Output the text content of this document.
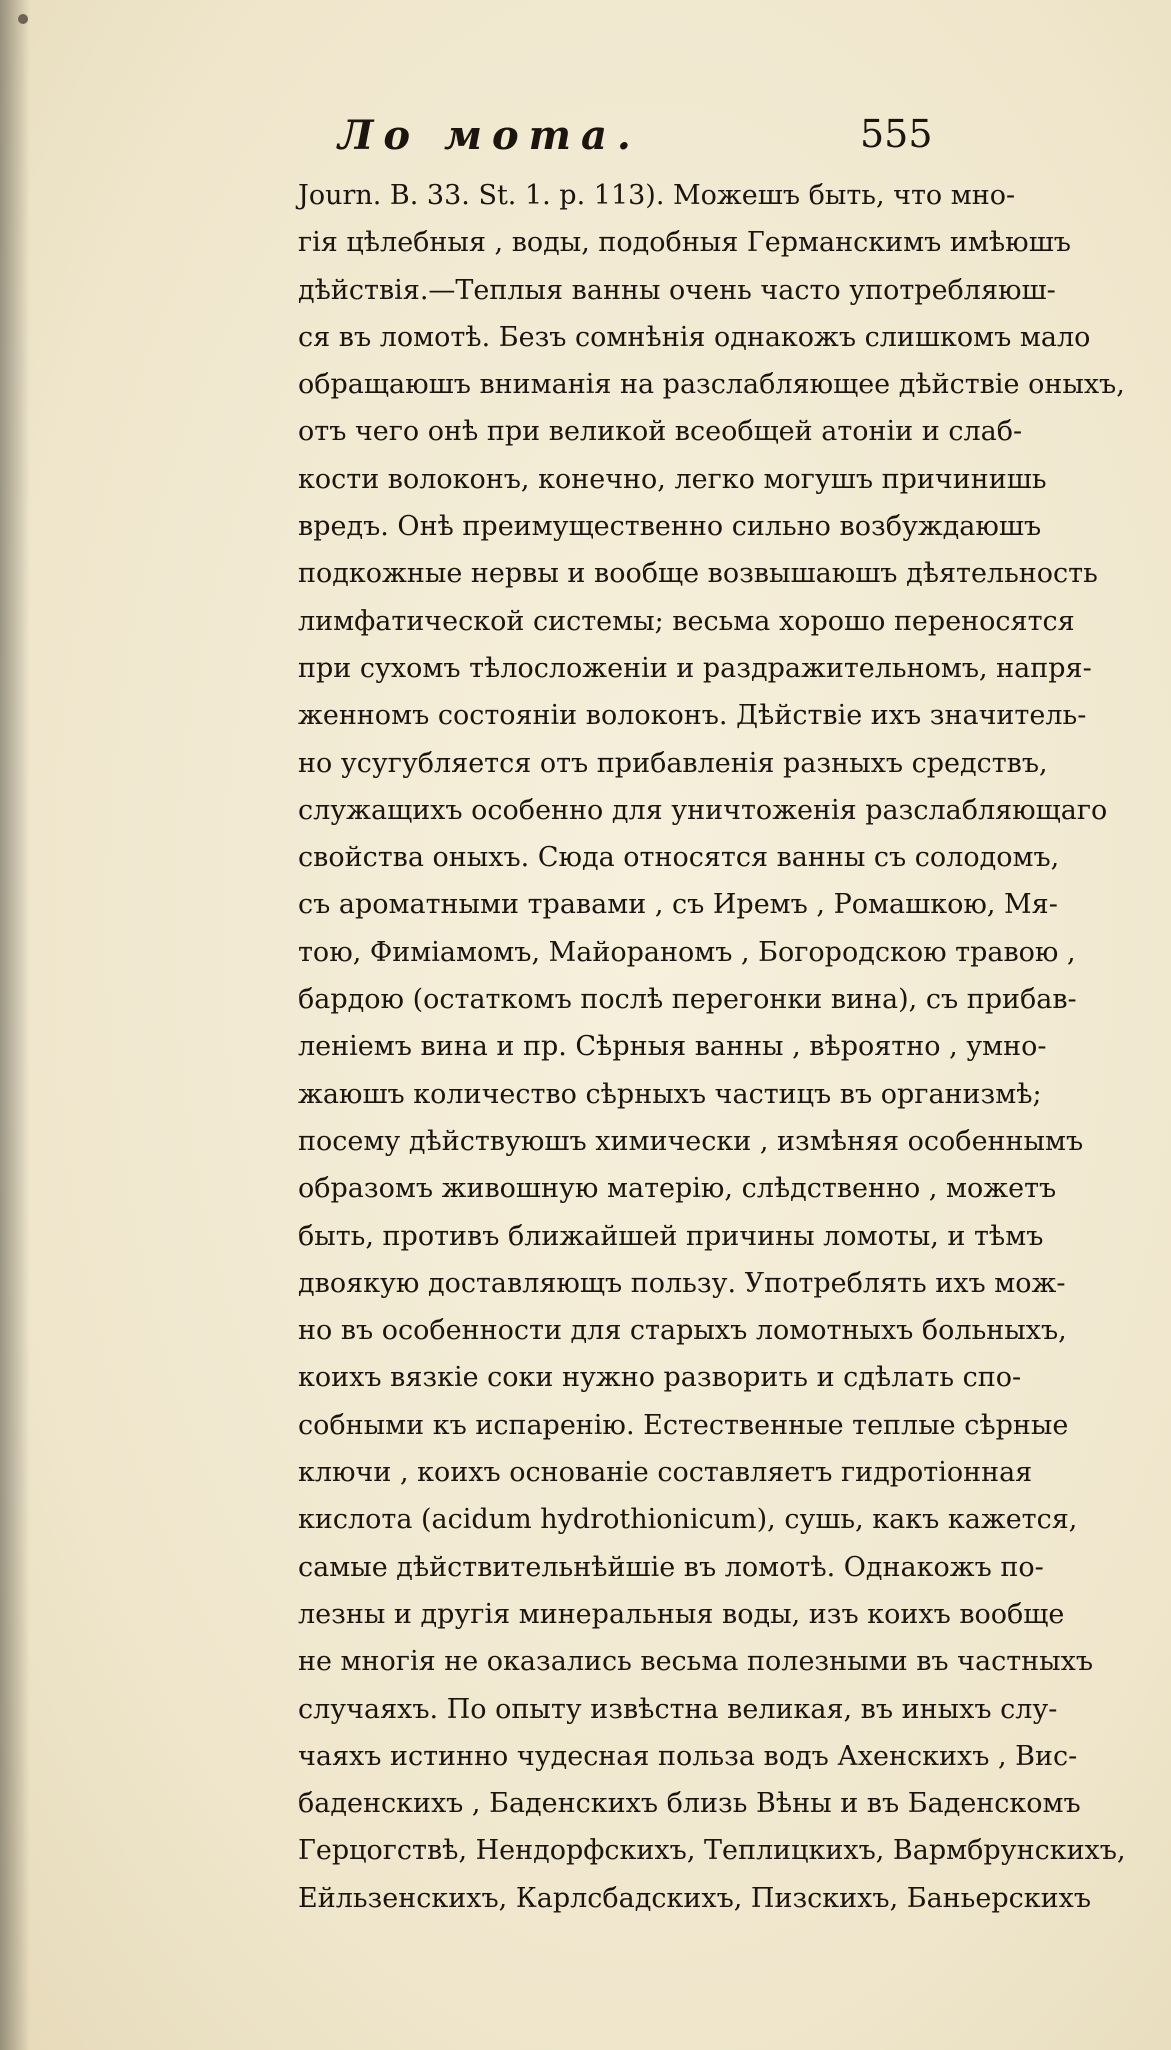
Ло мота.	555
Journ. B. 33. St. 1. p. 113). Можешъ быть, что мно-
гія цѣлебныя , воды, подобныя Германскимъ имѣюшъ
дѣйствія.—Теплыя ванны очень часто употребляюш-
ся въ ломотѣ. Безъ сомнѣнія однакожъ слишкомъ мало
обращаюшъ вниманія на разслабляющее дѣйствіе оныхъ,
отъ чего онѣ при великой всеобщей атоніи и слаб-
кости волоконъ, конечно, легко могушъ причинишь
вредъ. Онѣ преимущественно сильно возбуждаюшъ
подкожные нервы и вообще возвышаюшъ дѣятельность
лимфатической системы; весьма хорошо переносятся
при сухомъ тѣлосложеніи и раздражительномъ, напря-
женномъ состояніи волоконъ. Дѣйствіе ихъ значитель-
но усугубляется отъ прибавленія разныхъ средствъ,
служащихъ особенно для уничтоженія разслабляющаго
свойства оныхъ. Сюда относятся ванны съ солодомъ,
съ ароматными травами , съ Иремъ , Ромашкою, Мя-
тою, Фиміамомъ, Майораномъ , Богородскою травою ,
бардою (остаткомъ послѣ перегонки вина), съ прибав-
леніемъ вина и пр. Сѣрныя ванны , вѣроятно , умно-
жаюшъ количество сѣрныхъ частицъ въ организмѣ;
посему дѣйствуюшъ химически , измѣняя особеннымъ
образомъ живошную матерію, слѣдственно , можетъ
быть, противъ ближайшей причины ломоты, и тѣмъ
двоякую доставляющъ пользу. Употреблять ихъ мож-
но въ особенности для старыхъ ломотныхъ больныхъ,
коихъ вязкіе соки нужно разворить и сдѣлать спо-
собными къ испаренію. Естественные теплые сѣрные
ключи , коихъ основаніе составляетъ гидротіонная
кислота (acidum hydrothionicum), сушь, какъ кажется,
самые дѣйствительнѣйшіе въ ломотѣ. Однакожъ по-
лезны и другія минеральныя воды, изъ коихъ вообще
не многія не оказались весьма полезными въ частныхъ
случаяхъ. По опыту извѣстна великая, въ иныхъ слу-
чаяхъ истинно чудесная польза водъ Ахенскихъ , Вис-
баденскихъ , Баденскихъ близь Вѣны и въ Баденскомъ
Герцогствѣ, Нендорфскихъ, Теплицкихъ, Вармбрунскихъ,
Ейльзенскихъ, Карлсбадскихъ, Пизскихъ, Баньерскихъ
